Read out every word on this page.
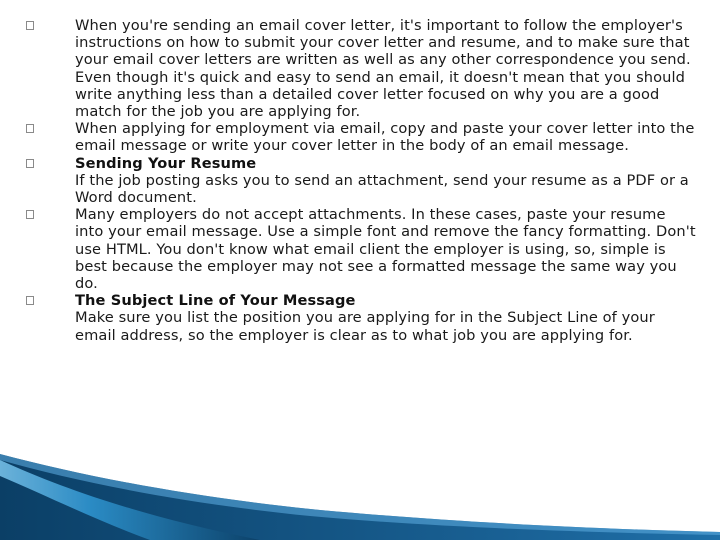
When you're sending an email cover letter, it's important to follow the employer's instructions on how to submit your cover letter and resume, and to make sure that your email cover letters are written as well as any other correspondence you send. Even though it's quick and easy to send an email, it doesn't mean that you should write anything less than a detailed cover letter focused on why you are a good match for the job you are applying for.
When applying for employment via email, copy and paste your cover letter into the email message or write your cover letter in the body of an email message.
Sending Your Resume
If the job posting asks you to send an attachment, send your resume as a PDF or a Word document.
Many employers do not accept attachments. In these cases, paste your resume into your email message. Use a simple font and remove the fancy formatting. Don't use HTML. You don't know what email client the employer is using, so, simple is best because the employer may not see a formatted message the same way you do.
The Subject Line of Your Message
Make sure you list the position you are applying for in the Subject Line of your email address, so the employer is clear as to what job you are applying for.
